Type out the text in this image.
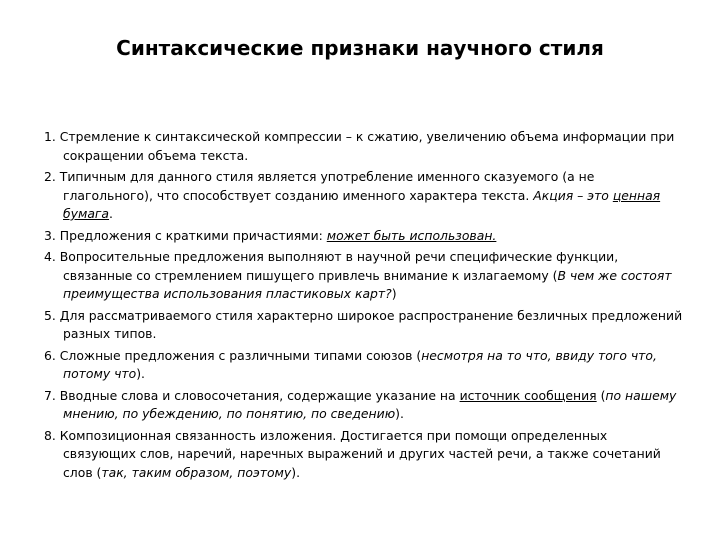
Синтаксические признаки научного стиля
1. Стремление к синтаксической компрессии – к сжатию, увеличению объема информации при сокращении объема текста.
2. Типичным для данного стиля является употребление именного сказуемого (а не глагольного), что способствует созданию именного характера текста. Акция – это ценная бумага.
3. Предложения с краткими причастиями: может быть использован.
4. Вопросительные предложения выполняют в научной речи специфические функции, связанные со стремлением пишущего привлечь внимание к излагаемому (В чем же состоят преимущества использования пластиковых карт?)
5. Для рассматриваемого стиля характерно широкое распространение безличных предложений разных типов.
6. Сложные предложения с различными типами союзов (несмотря на то что, ввиду того что, потому что).
7. Вводные слова и словосочетания, содержащие указание на источник сообщения (по нашему мнению, по убеждению, по понятию, по сведению).
8. Композиционная связанность изложения. Достигается при помощи определенных связующих слов, наречий, наречных выражений и других частей речи, а также сочетаний слов (так, таким образом, поэтому).
